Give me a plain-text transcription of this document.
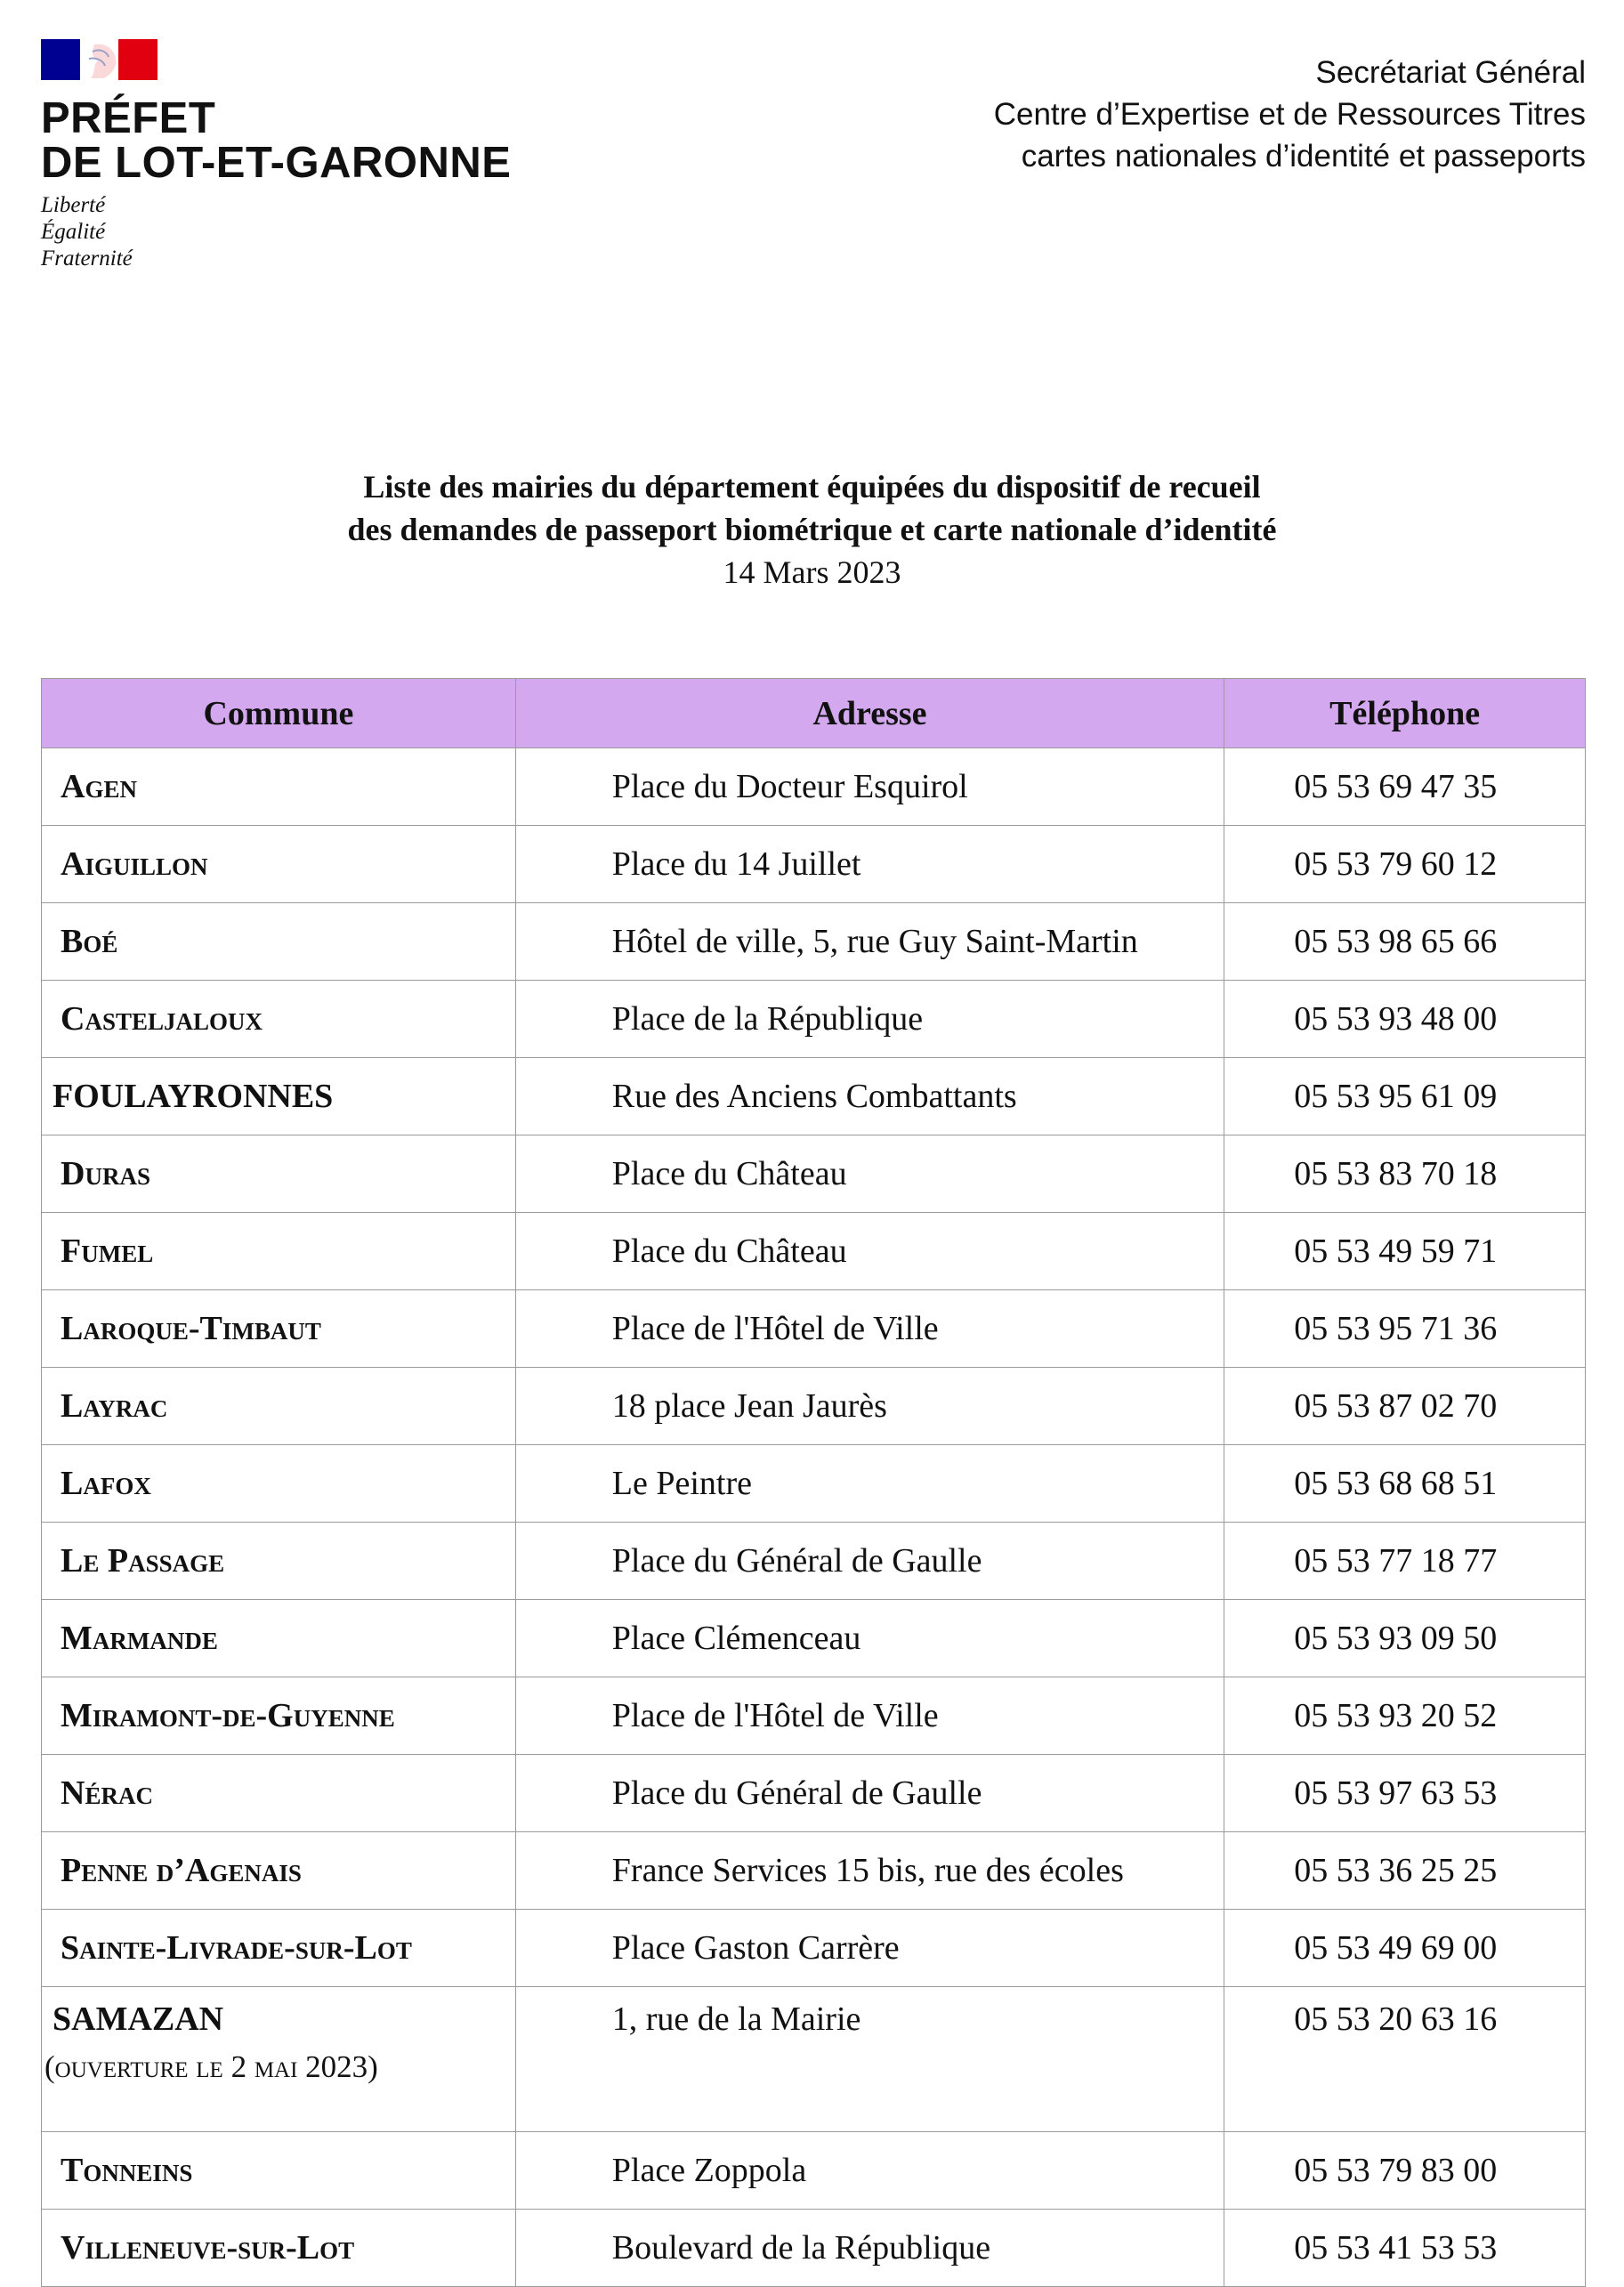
PRÉFET
DE LOT-ET-GARONNE
Liberté
Égalité
Fraternité
Secrétariat Général
Centre d’Expertise et de Ressources Titres
cartes nationales d’identité et passeports
Liste des mairies du département équipées du dispositif de recueil
des demandes de passeport biométrique et carte nationale d’identité
14 Mars 2023
Commune	Adresse	Téléphone
Agen	Place du Docteur Esquirol	05 53 69 47 35
Aiguillon	Place du 14 Juillet	05 53 79 60 12
Boé	Hôtel de ville, 5, rue Guy Saint-Martin	05 53 98 65 66
Casteljaloux	Place de la République	05 53 93 48 00
FOULAYRONNES	Rue des Anciens Combattants	05 53 95 61 09
Duras	Place du Château	05 53 83 70 18
Fumel	Place du Château	05 53 49 59 71
Laroque-Timbaut	Place de l'Hôtel de Ville	05 53 95 71 36
Layrac	18 place Jean Jaurès	05 53 87 02 70
Lafox	Le Peintre	05 53 68 68 51
Le Passage	Place du Général de Gaulle	05 53 77 18 77
Marmande	Place Clémenceau	05 53 93 09 50
Miramont-de-Guyenne	Place de l'Hôtel de Ville	05 53 93 20 52
Nérac	Place du Général de Gaulle	05 53 97 63 53
Penne d’Agenais	France Services 15 bis, rue des écoles	05 53 36 25 25
Sainte-Livrade-sur-Lot	Place Gaston Carrère	05 53 49 69 00
SAMAZAN
(ouverture le 2 mai 2023)	1, rue de la Mairie	05 53 20 63 16
Tonneins	Place Zoppola	05 53 79 83 00
Villeneuve-sur-Lot	Boulevard de la République	05 53 41 53 53
